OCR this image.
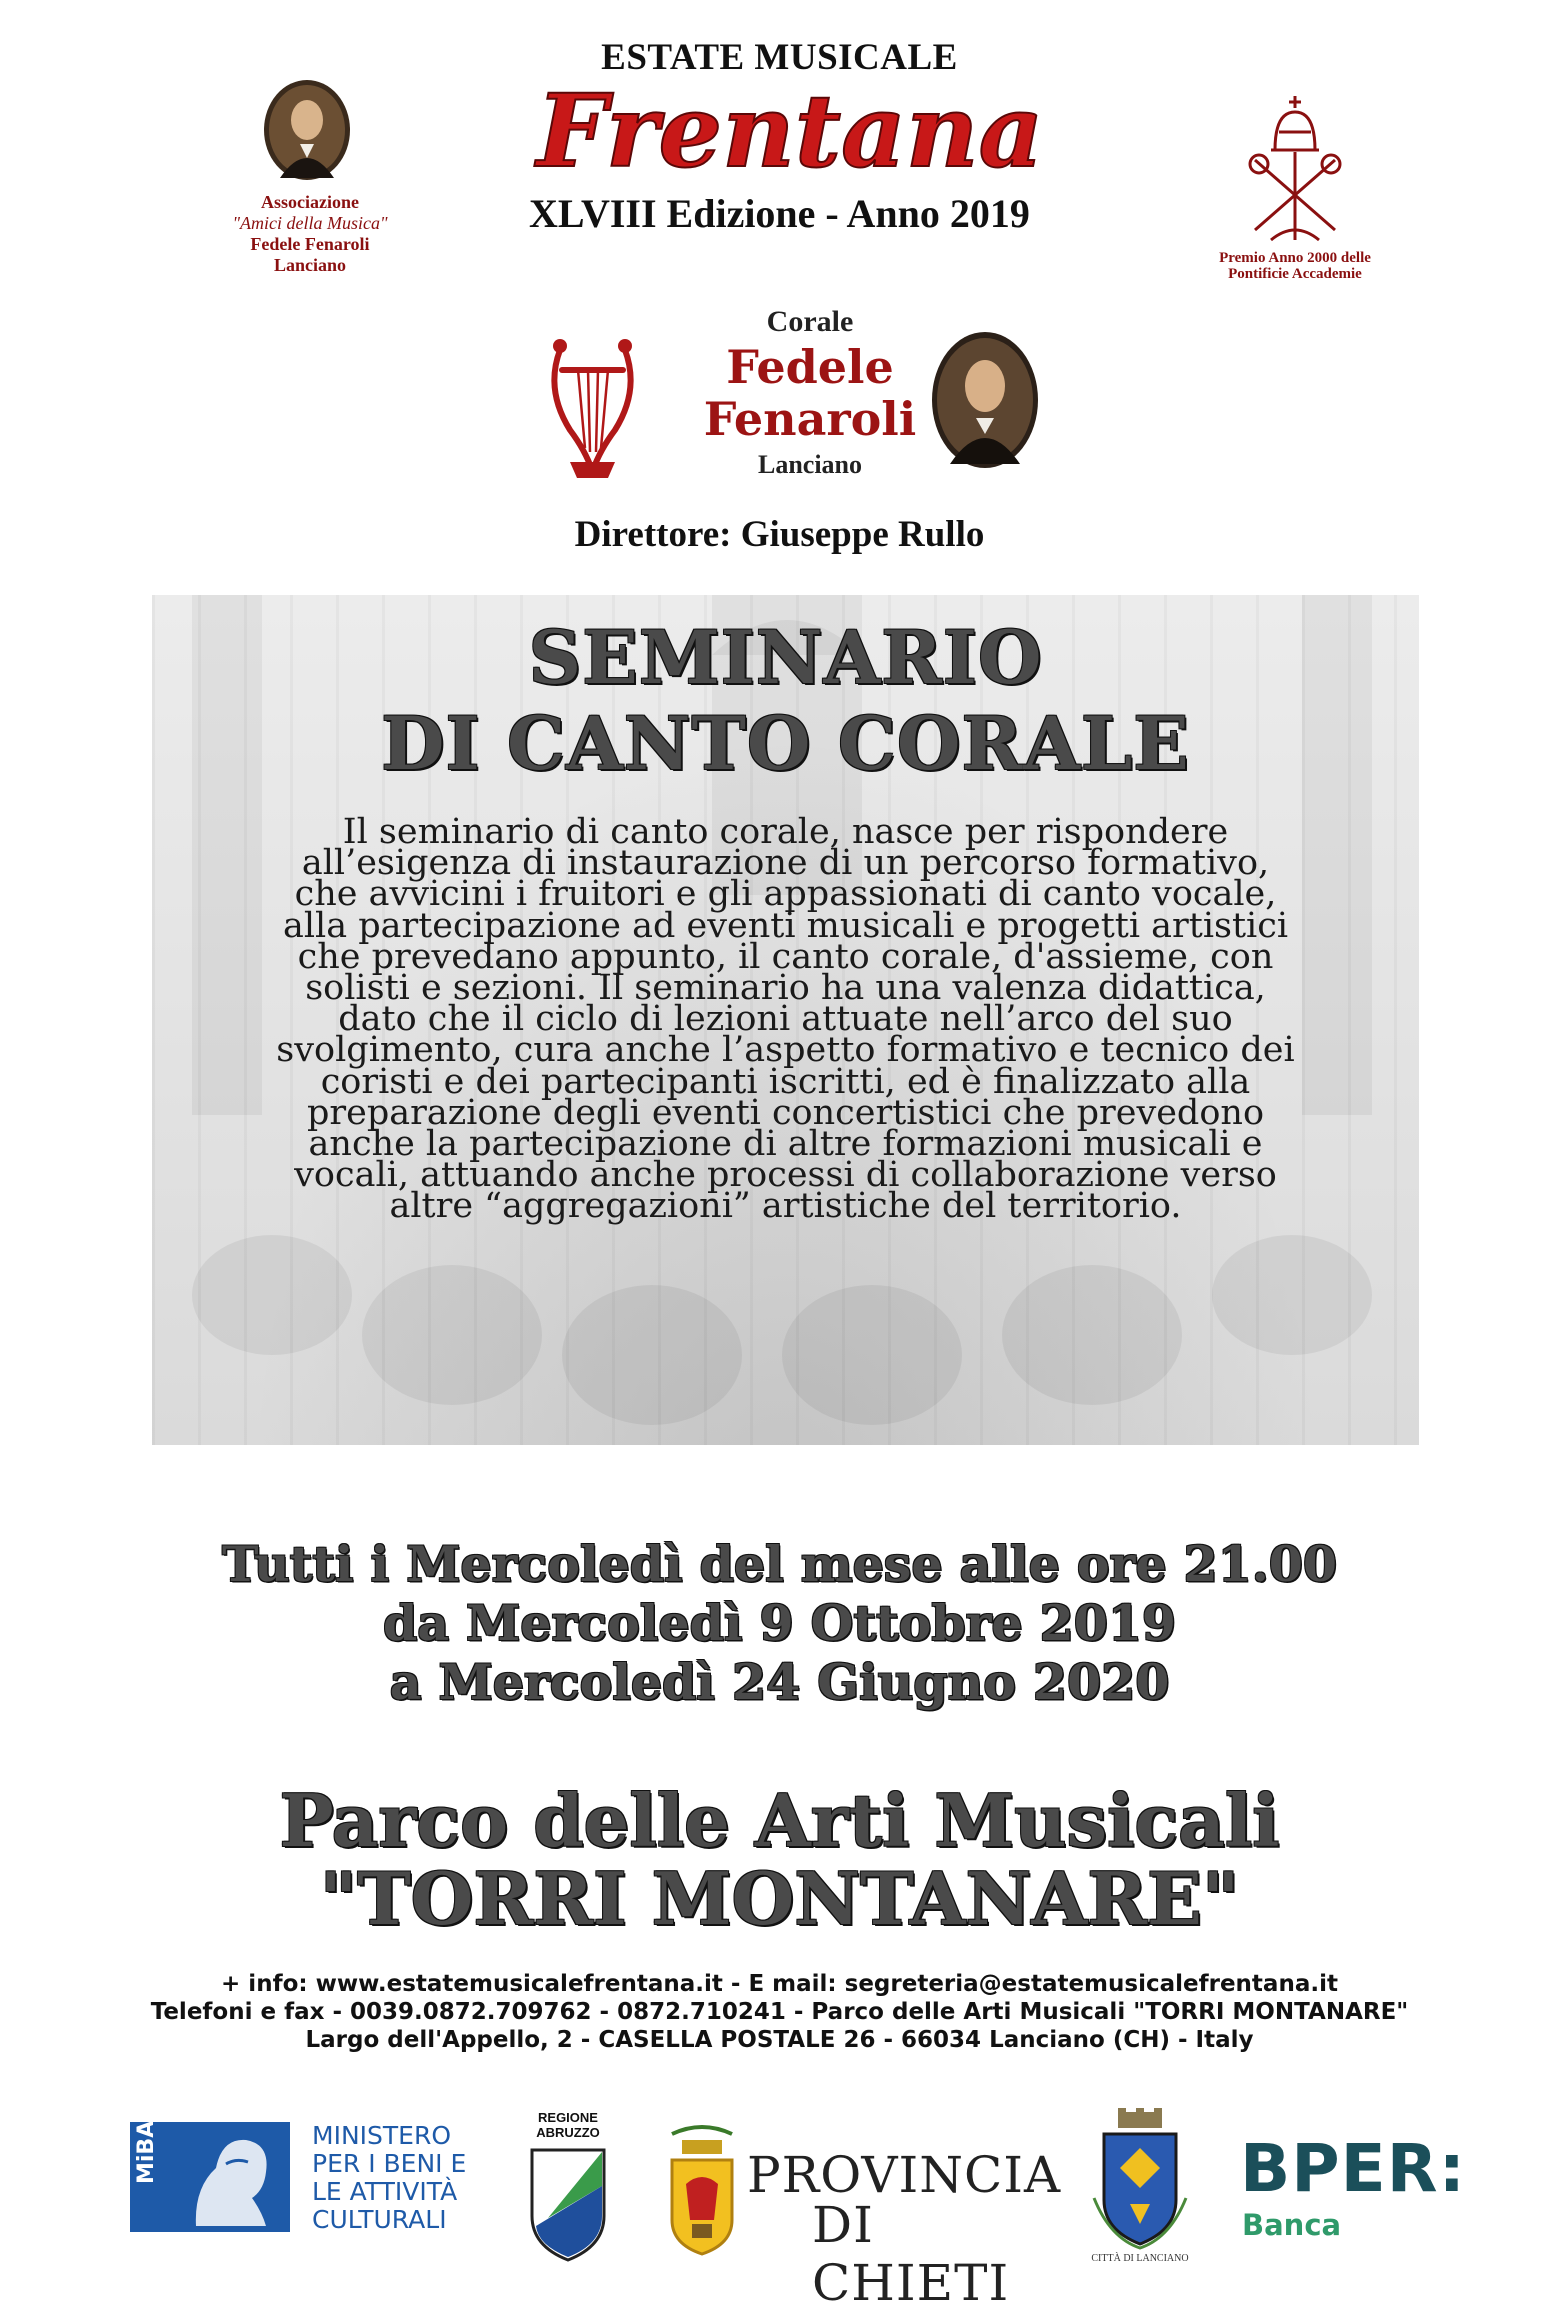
ESTATE MUSICALE
Frentana
XLVIII Edizione - Anno 2019
Associazione
"Amici della Musica"
Fedele Fenaroli
Lanciano	Premio Anno 2000 delle
Pontificie Accademie
Corale
Fedele
Fenaroli
Lanciano
Direttore: Giuseppe Rullo
SEMINARIO
DI CANTO CORALE
Il seminario di canto corale, nasce per rispondere
all’esigenza di instaurazione di un percorso formativo,
che avvicini i fruitori e gli appassionati di canto vocale,
alla partecipazione ad eventi musicali e progetti artistici
che prevedano appunto, il canto corale, d'assieme, con
solisti e sezioni. Il seminario ha una valenza didattica,
dato che il ciclo di lezioni attuate nell’arco del suo
svolgimento, cura anche l’aspetto formativo e tecnico dei
coristi e dei partecipanti iscritti, ed è finalizzato alla
preparazione degli eventi concertistici che prevedono
anche la partecipazione di altre formazioni musicali e
vocali, attuando anche processi di collaborazione verso
altre “aggregazioni” artistiche del territorio.
Tutti i Mercoledì del mese alle ore 21.00
da Mercoledì 9 Ottobre 2019
a Mercoledì 24 Giugno 2020
Parco delle Arti Musicali
"TORRI MONTANARE"
+ info: www.estatemusicalefrentana.it - E mail: segreteria@estatemusicalefrentana.it
Telefoni e fax - 0039.0872.709762 - 0872.710241 - Parco delle Arti Musicali "TORRI MONTANARE"
Largo dell'Appello, 2 - CASELLA POSTALE 26 - 66034 Lanciano (CH) - Italy
MiBAC	MINISTERO
PER I BENI E
LE ATTIVITÀ
CULTURALI
REGIONE
ABRUZZO
PROVINCIA
DI CHIETI	CITTÀ DI LANCIANO
BPER:
Banca
